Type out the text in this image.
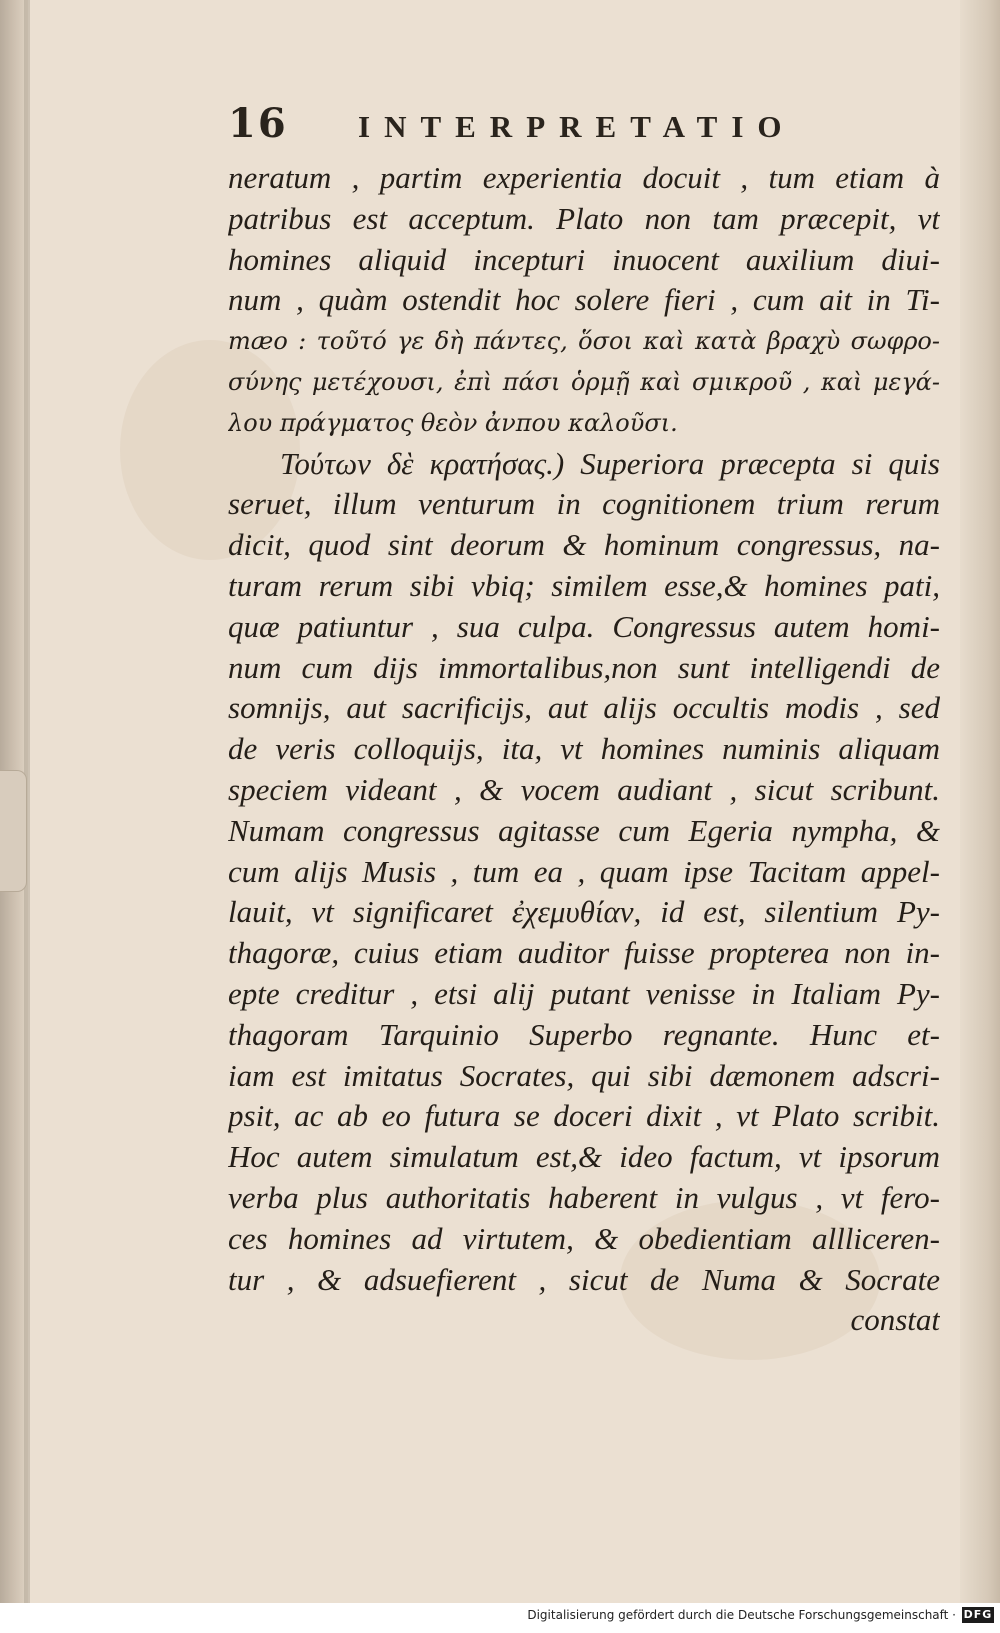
16	INTERPRETATIO
neratum , partim experientia docuit , tum etiam à
patribus est acceptum. Plato non tam præcepit, vt
homines aliquid incepturi inuocent auxilium diui-
num , quàm ostendit hoc solere fieri , cum ait in Ti-
mæo : τοῦτό γε δὴ πάντες, ὅσοι καὶ κατὰ βραχὺ σωφρο-
σύνης μετέχουσι, ἐπὶ πάσι ὁρμῇ καὶ σμικροῦ , καὶ μεγά-
λου πράγματος θεὸν ἀνπου καλοῦσι.
Τούτων δὲ κρατήσας.) Superiora præcepta si quis
seruet, illum venturum in cognitionem trium rerum
dicit, quod sint deorum & hominum congressus, na-
turam rerum sibi vbiq; similem esse,& homines pati,
quæ patiuntur , sua culpa. Congressus autem homi-
num cum dijs immortalibus,non sunt intelligendi de
somnijs, aut sacrificijs, aut alijs occultis modis , sed
de veris colloquijs, ita, vt homines numinis aliquam
speciem videant , & vocem audiant , sicut scribunt.
Numam congressus agitasse cum Egeria nympha, &
cum alijs Musis , tum ea , quam ipse Tacitam appel-
lauit, vt significaret ἐχεμυθίαν, id est, silentium Py-
thagoræ, cuius etiam auditor fuisse propterea non in-
epte creditur , etsi alij putant venisse in Italiam Py-
thagoram Tarquinio Superbo regnante. Hunc et-
iam est imitatus Socrates, qui sibi dæmonem adscri-
psit, ac ab eo futura se doceri dixit , vt Plato scribit.
Hoc autem simulatum est,& ideo factum, vt ipsorum
verba plus authoritatis haberent in vulgus , vt fero-
ces homines ad virtutem, & obedientiam allliceren-
tur , & adsuefierent , sicut de Numa & Socrate
constat
Digitalisierung gefördert durch die Deutsche Forschungsgemeinschaft · DFG
